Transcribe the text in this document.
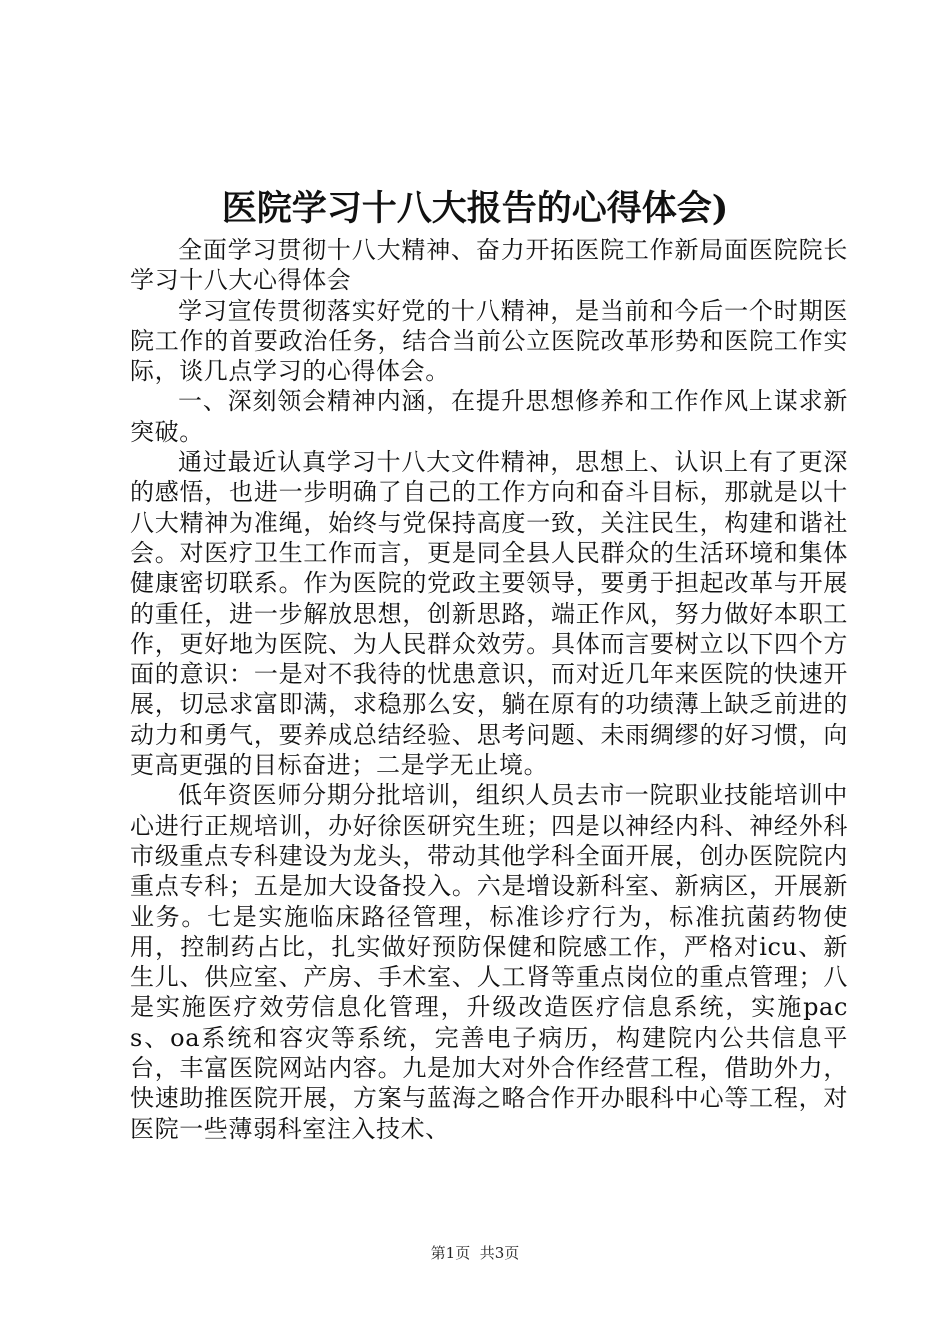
医院学习十八大报告的心得体会)

全面学习贯彻十八大精神、奋力开拓医院工作新局面医院院长学习十八大心得体会

学习宣传贯彻落实好党的十八精神，是当前和今后一个时期医院工作的首要政治任务，结合当前公立医院改革形势和医院工作实际，谈几点学习的心得体会。

一、深刻领会精神内涵，在提升思想修养和工作作风上谋求新突破。

通过最近认真学习十八大文件精神，思想上、认识上有了更深的感悟，也进一步明确了自己的工作方向和奋斗目标，那就是以十八大精神为准绳，始终与党保持高度一致，关注民生，构建和谐社会。对医疗卫生工作而言，更是同全县人民群众的生活环境和集体健康密切联系。作为医院的党政主要领导，要勇于担起改革与开展的重任，进一步解放思想，创新思路，端正作风，努力做好本职工作，更好地为医院、为人民群众效劳。具体而言要树立以下四个方面的意识：一是对不我待的忧患意识，而对近几年来医院的快速开展，切忌求富即满，求稳那么安，躺在原有的功绩薄上缺乏前进的动力和勇气，要养成总结经验、思考问题、未雨绸缪的好习惯，向更高更强的目标奋进；二是学无止境。

低年资医师分期分批培训，组织人员去市一院职业技能培训中心进行正规培训，办好徐医研究生班；四是以神经内科、神经外科市级重点专科建设为龙头，带动其他学科全面开展，创办医院院内重点专科；五是加大设备投入。六是增设新科室、新病区，开展新业务。七是实施临床路径管理，标准诊疗行为，标准抗菌药物使用，控制药占比，扎实做好预防保健和院感工作，严格对icu、新生儿、供应室、产房、手术室、人工肾等重点岗位的重点管理；八是实施医疗效劳信息化管理，升级改造医疗信息系统，实施pacs、oa系统和容灾等系统，完善电子病历，构建院内公共信息平台，丰富医院网站内容。九是加大对外合作经营工程，借助外力，快速助推医院开展，方案与蓝海之略合作开办眼科中心等工程，对医院一些薄弱科室注入技术、

第1页 共3页
